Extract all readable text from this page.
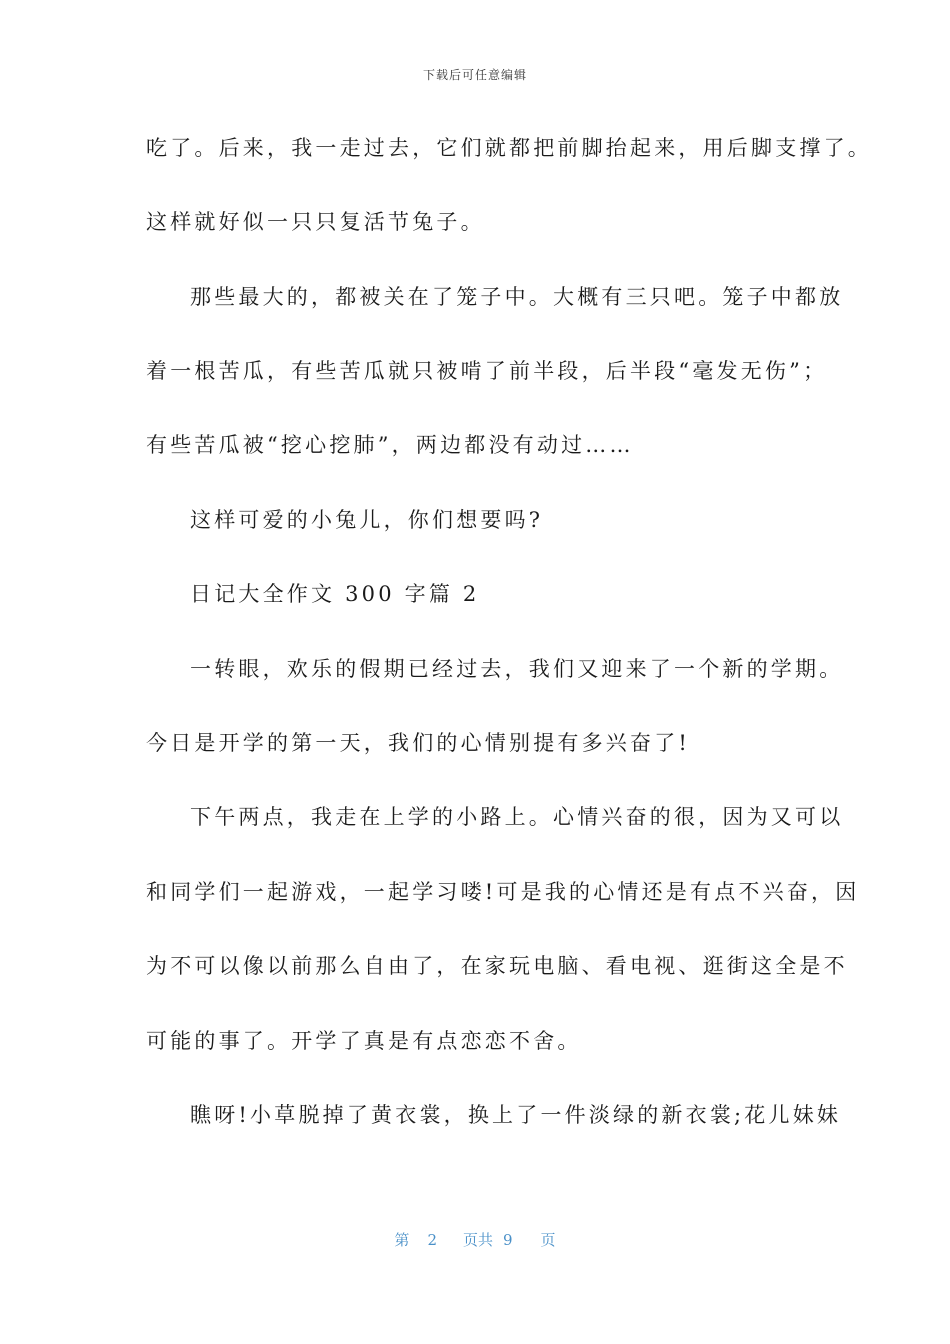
下载后可任意编辑
吃了。后来，我一走过去，它们就都把前脚抬起来，用后脚支撑了。
这样就好似一只只复活节兔子。
那些最大的，都被关在了笼子中。大概有三只吧。笼子中都放
着一根苦瓜，有些苦瓜就只被啃了前半段，后半段“毫发无伤”；
有些苦瓜被“挖心挖肺”，两边都没有动过……
这样可爱的小兔儿，你们想要吗?
日记大全作文 300 字篇 2
一转眼，欢乐的假期已经过去，我们又迎来了一个新的学期。
今日是开学的第一天，我们的心情别提有多兴奋了!
下午两点，我走在上学的小路上。心情兴奋的很，因为又可以
和同学们一起游戏，一起学习喽!可是我的心情还是有点不兴奋，因
为不可以像以前那么自由了，在家玩电脑、看电视、逛街这全是不
可能的事了。开学了真是有点恋恋不舍。
瞧呀!小草脱掉了黄衣裳，换上了一件淡绿的新衣裳;花儿妹妹
第 2 页共 9 页
